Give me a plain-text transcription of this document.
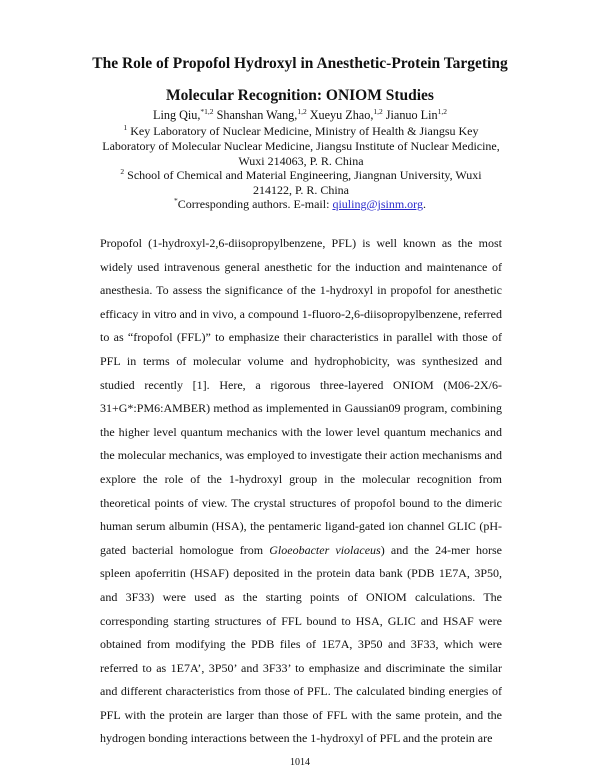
The Role of Propofol Hydroxyl in Anesthetic-Protein Targeting
Molecular Recognition: ONIOM Studies
Ling Qiu,$^{*1,2}$ Shanshan Wang,$^{1,2}$ Xueyu Zhao,$^{1,2}$ Jianuo Lin$^{1,2}$
$^1$ Key Laboratory of Nuclear Medicine, Ministry of Health & Jiangsu Key Laboratory of Molecular Nuclear Medicine, Jiangsu Institute of Nuclear Medicine, Wuxi 214063, P. R. China
$^2$ School of Chemical and Material Engineering, Jiangnan University, Wuxi 214122, P. R. China
*Corresponding authors. E-mail: qiuling@jsinm.org.

Propofol (1-hydroxyl-2,6-diisopropylbenzene, PFL) is well known as the most widely used intravenous general anesthetic for the induction and maintenance of anesthesia. To assess the significance of the 1-hydroxyl in propofol for anesthetic efficacy in vitro and in vivo, a compound 1-fluoro-2,6-diisopropylbenzene, referred to as “fropofol (FFL)” to emphasize their characteristics in parallel with those of PFL in terms of molecular volume and hydrophobicity, was synthesized and studied recently [1]. Here, a rigorous three-layered ONIOM (M06-2X/6-31+G*:PM6:AMBER) method as implemented in Gaussian09 program, combining the higher level quantum mechanics with the lower level quantum mechanics and the molecular mechanics, was employed to investigate their action mechanisms and explore the role of the 1-hydroxyl group in the molecular recognition from theoretical points of view. The crystal structures of propofol bound to the dimeric human serum albumin (HSA), the pentameric ligand-gated ion channel GLIC (pH-gated bacterial homologue from Gloeobacter violaceus) and the 24-mer horse spleen apoferritin (HSAF) deposited in the protein data bank (PDB 1E7A, 3P50, and 3F33) were used as the starting points of ONIOM calculations. The corresponding starting structures of FFL bound to HSA, GLIC and HSAF were obtained from modifying the PDB files of 1E7A, 3P50 and 3F33, which were referred to as 1E7A’, 3P50’ and 3F33’ to emphasize and discriminate the similar and different characteristics from those of PFL. The calculated binding energies of PFL with the protein are larger than those of FFL with the same protein, and the hydrogen bonding interactions between the 1-hydroxyl of PFL and the protein are

1014
